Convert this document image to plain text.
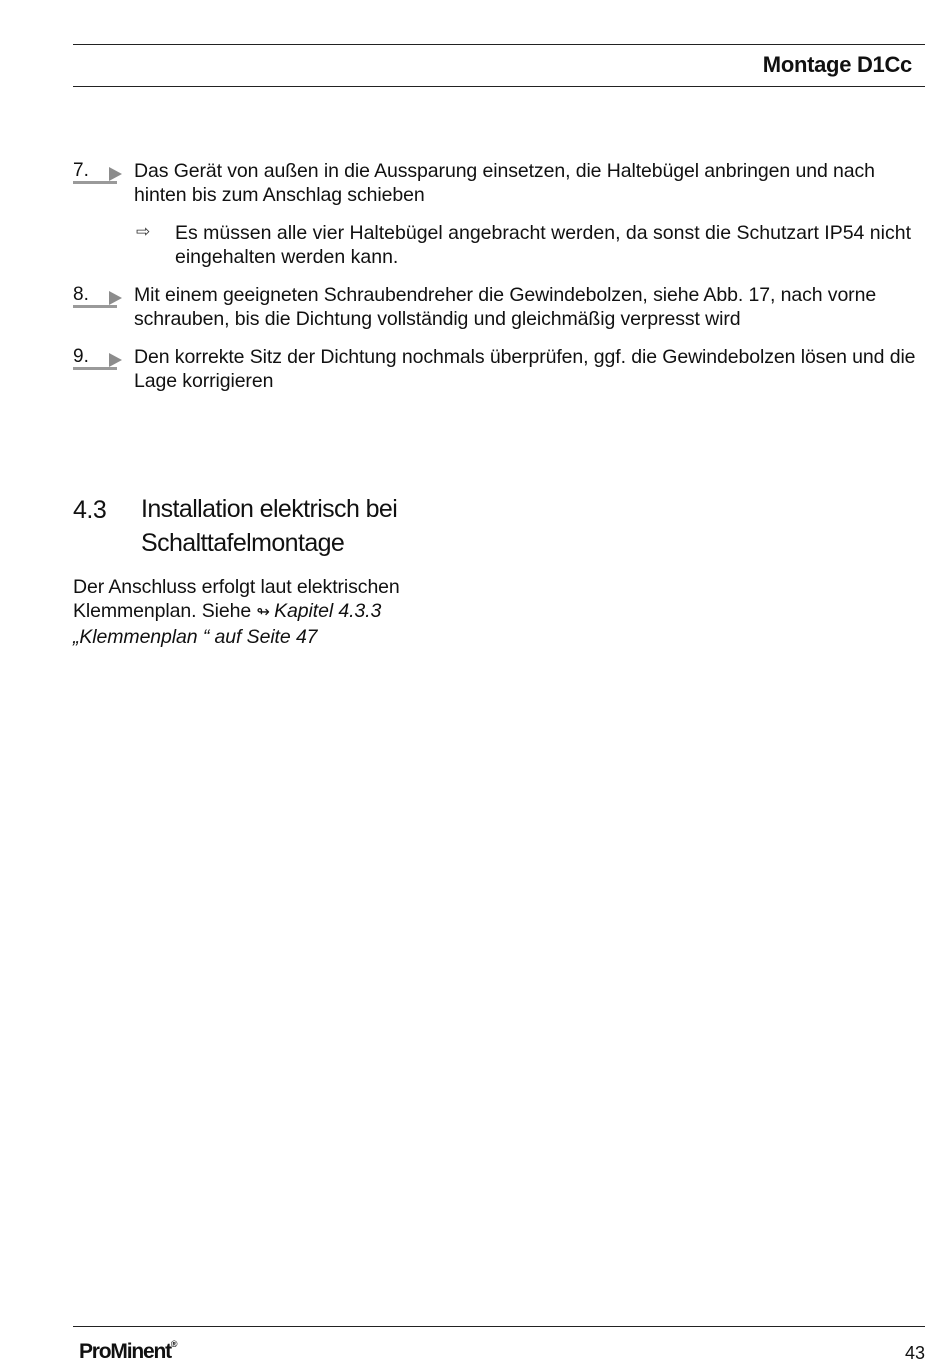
Montage D1Cc
7. Das Gerät von außen in die Aussparung einsetzen, die Haltebügel anbringen und nach hinten bis zum Anschlag schieben
⇨ Es müssen alle vier Haltebügel angebracht werden, da sonst die Schutzart IP54 nicht eingehalten werden kann.
8. Mit einem geeigneten Schraubendreher die Gewindebolzen, siehe Abb. 17, nach vorne schrauben, bis die Dichtung vollständig und gleichmäßig verpresst wird
9. Den korrekte Sitz der Dichtung nochmals überprüfen, ggf. die Gewindebolzen lösen und die Lage korrigieren
4.3 Installation elektrisch bei Schalttafelmontage
Der Anschluss erfolgt laut elektrischen Klemmenplan. Siehe ↬ Kapitel 4.3.3 „Klemmenplan “ auf Seite 47
ProMinent®	43
